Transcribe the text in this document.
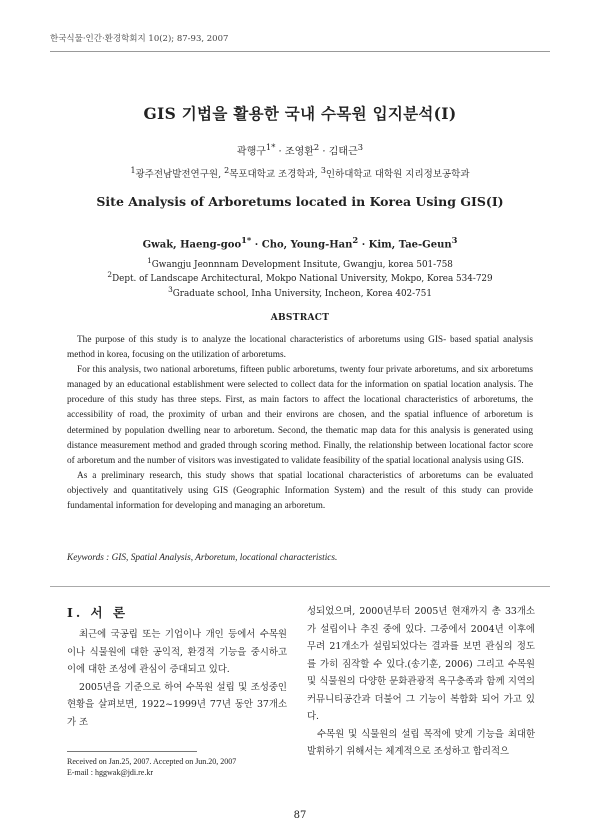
한국식물·인간·환경학회지 10(2); 87-93, 2007
GIS 기법을 활용한 국내 수목원 입지분석(Ⅰ)
곽행구$^{1*}$ · 조영환$^2$ · 김태근$^3$
$^1$광주전남발전연구원, $^2$목포대학교 조경학과, $^3$인하대학교 대학원 지리정보공학과
Site Analysis of Arboretums located in Korea Using GIS(Ⅰ)
Gwak, Haeng-goo$^{1*}$ · Cho, Young-Han$^2$ · Kim, Tae-Geun$^3$
$^1$Gwangju Jeonnnam Development Insitute, Gwangju, korea 501-758
$^2$Dept. of Landscape Architectural, Mokpo National University, Mokpo, Korea 534-729
$^3$Graduate school, Inha University, Incheon, Korea 402-751
ABSTRACT

The purpose of this study is to analyze the locational characteristics of arboretums using GIS- based spatial analysis method in korea, focusing on the utilization of arboretums.

For this analysis, two national arboretums, fifteen public arboretums, twenty four private arboretums, and six arboretums managed by an educational establishment were selected to collect data for the information on spatial location analysis. The procedure of this study has three steps. First, as main factors to affect the locational characteristics of arboretums, the accessibility of road, the proximity of urban and their environs are chosen, and the spatial influence of arboretum is determined by population dwelling near to arboretum. Second, the thematic map data for this analysis is generated using distance measurement method and graded through scoring method. Finally, the relationship between locational factor score of arboretum and the number of visitors was investigated to validate feasibility of the spatial locational analysis using GIS.

As a preliminary research, this study shows that spatial locational characteristics of arboretums can be evaluated objectively and quantitatively using GIS (Geographic Information System) and the result of this study can provide fundamental information for developing and managing an arboretum.

Keywords : GIS, Spatial Analysis, Arboretum, locational characteristics.
Ⅰ. 서 론

최근에 국공립 또는 기업이나 개인 등에서 수목원이나 식물원에 대한 공익적, 환경적 기능을 중시하고 이에 대한 조성에 관심이 증대되고 있다.

2005년을 기준으로 하여 수목원 설립 및 조성중인 현황을 살펴보면, 1922~1999년 77년 동안 37개소가 조

성되었으며, 2000년부터 2005년 현재까지 총 33개소가 설립이나 추진 중에 있다. 그중에서 2004년 이후에 무려 21개소가 설립되었다는 결과를 보면 관심의 정도를 가히 짐작할 수 있다.(송기훈, 2006) 그리고 수목원 및 식물원의 다양한 문화관광적 욕구충족과 함께 지역의 커뮤니티공간과 더불어 그 기능이 복합화 되어 가고 있다.

수목원 및 식물원의 설립 목적에 맞게 기능을 최대한 발휘하기 위해서는 체계적으로 조성하고 합리적으

Received on Jan.25, 2007. Accepted on Jun.20, 2007
E-mail : hggwak@jdi.re.kr
87
